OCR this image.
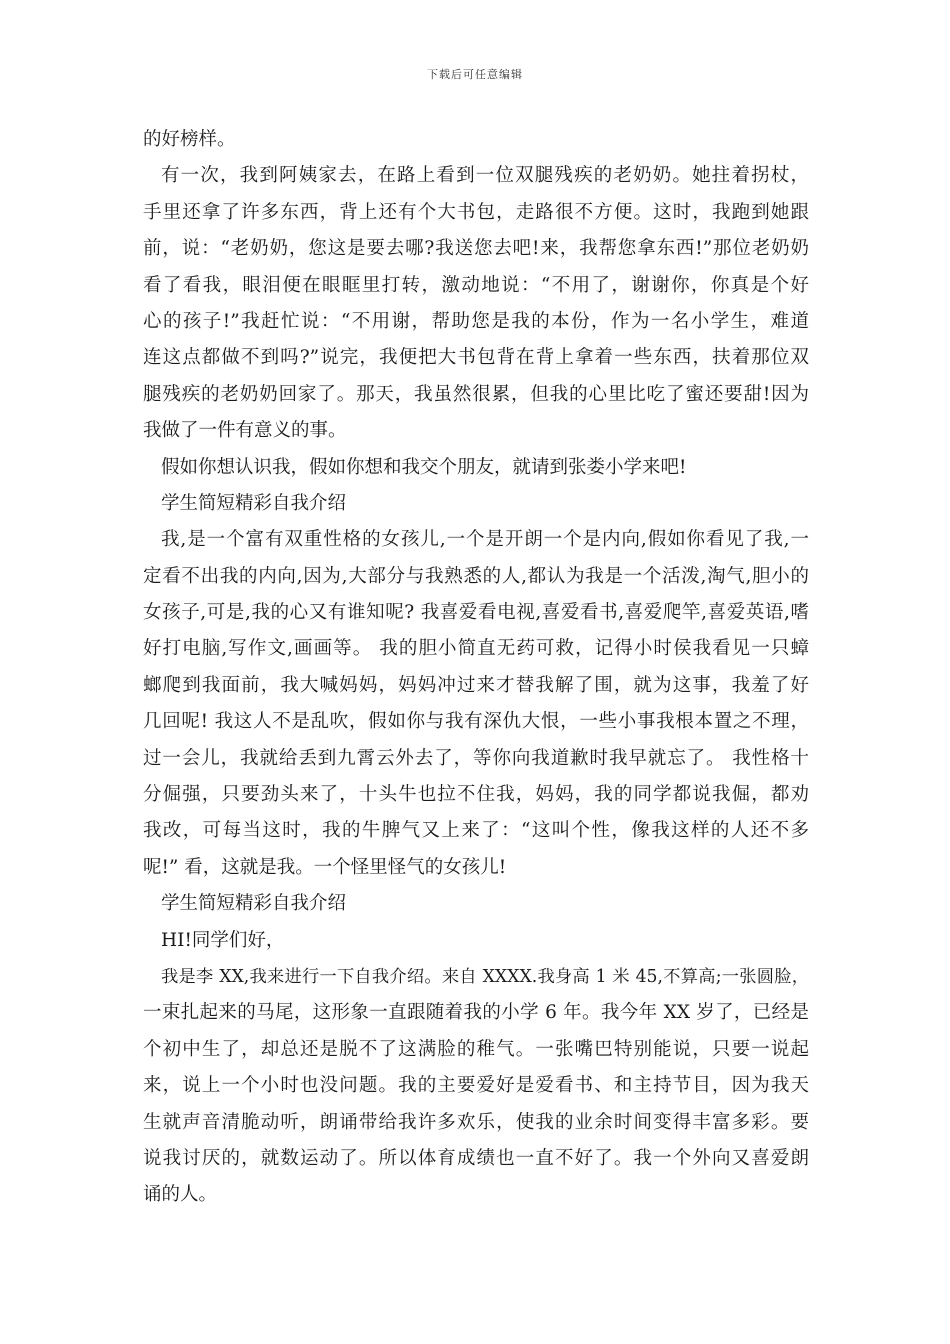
下载后可任意编辑
的好榜样。
有一次，我到阿姨家去，在路上看到一位双腿残疾的老奶奶。她拄着拐杖，
手里还拿了许多东西，背上还有个大书包，走路很不方便。这时，我跑到她跟
前，说：“老奶奶，您这是要去哪?我送您去吧!来，我帮您拿东西!”那位老奶奶
看了看我，眼泪便在眼眶里打转，激动地说：“不用了，谢谢你，你真是个好
心的孩子!”我赶忙说：“不用谢，帮助您是我的本份，作为一名小学生，难道
连这点都做不到吗?”说完，我便把大书包背在背上拿着一些东西，扶着那位双
腿残疾的老奶奶回家了。那天，我虽然很累，但我的心里比吃了蜜还要甜!因为
我做了一件有意义的事。
假如你想认识我，假如你想和我交个朋友，就请到张娄小学来吧!
学生简短精彩自我介绍
我,是一个富有双重性格的女孩儿,一个是开朗一个是内向,假如你看见了我,一
定看不出我的内向,因为,大部分与我熟悉的人,都认为我是一个活泼,淘气,胆小的
女孩子,可是,我的心又有谁知呢? 我喜爱看电视,喜爱看书,喜爱爬竿,喜爱英语,嗜
好打电脑,写作文,画画等。 我的胆小简直无药可救，记得小时侯我看见一只蟑
螂爬到我面前，我大喊妈妈，妈妈冲过来才替我解了围，就为这事，我羞了好
几回呢! 我这人不是乱吹，假如你与我有深仇大恨，一些小事我根本置之不理，
过一会儿，我就给丢到九霄云外去了，等你向我道歉时我早就忘了。 我性格十
分倔强，只要劲头来了，十头牛也拉不住我，妈妈，我的同学都说我倔，都劝
我改，可每当这时，我的牛脾气又上来了：“这叫个性，像我这样的人还不多
呢!” 看，这就是我。一个怪里怪气的女孩儿!
学生简短精彩自我介绍
HI!同学们好，
我是李 XX,我来进行一下自我介绍。来自 XXXX.我身高 1 米 45,不算高;一张圆脸，
一束扎起来的马尾，这形象一直跟随着我的小学 6 年。我今年 XX 岁了，已经是
个初中生了，却总还是脱不了这满脸的稚气。一张嘴巴特别能说，只要一说起
来，说上一个小时也没问题。我的主要爱好是爱看书、和主持节目，因为我天
生就声音清脆动听，朗诵带给我许多欢乐，使我的业余时间变得丰富多彩。要
说我讨厌的，就数运动了。所以体育成绩也一直不好了。我一个外向又喜爱朗
诵的人。
